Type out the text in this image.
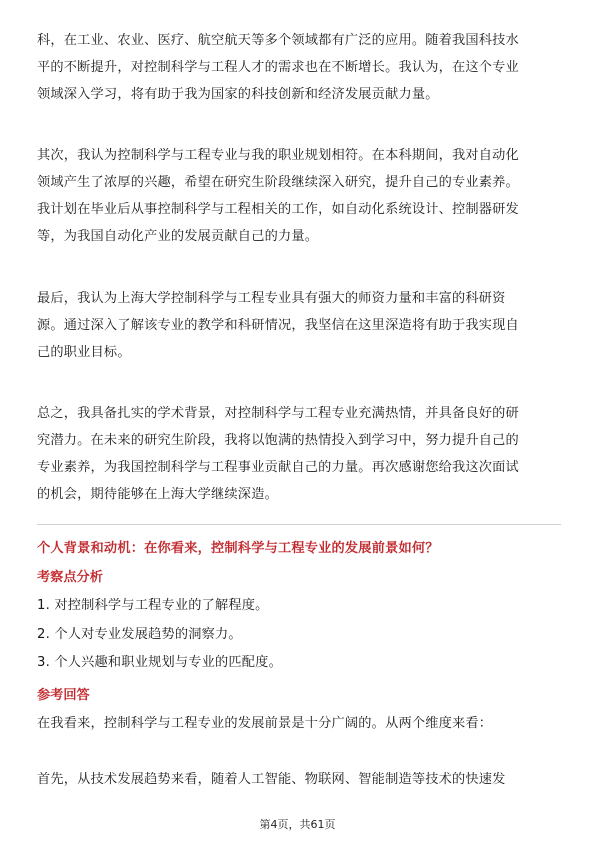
科，在工业、农业、医疗、航空航天等多个领域都有广泛的应用。随着我国科技水
平的不断提升，对控制科学与工程人才的需求也在不断增长。我认为，在这个专业
领域深入学习，将有助于我为国家的科技创新和经济发展贡献力量。
其次，我认为控制科学与工程专业与我的职业规划相符。在本科期间，我对自动化
领域产生了浓厚的兴趣，希望在研究生阶段继续深入研究，提升自己的专业素养。
我计划在毕业后从事控制科学与工程相关的工作，如自动化系统设计、控制器研发
等，为我国自动化产业的发展贡献自己的力量。
最后，我认为上海大学控制科学与工程专业具有强大的师资力量和丰富的科研资
源。通过深入了解该专业的教学和科研情况，我坚信在这里深造将有助于我实现自
己的职业目标。
总之，我具备扎实的学术背景，对控制科学与工程专业充满热情，并具备良好的研
究潜力。在未来的研究生阶段，我将以饱满的热情投入到学习中，努力提升自己的
专业素养，为我国控制科学与工程事业贡献自己的力量。再次感谢您给我这次面试
的机会，期待能够在上海大学继续深造。
个人背景和动机：在你看来，控制科学与工程专业的发展前景如何？
考察点分析
1. 对控制科学与工程专业的了解程度。
2. 个人对专业发展趋势的洞察力。
3. 个人兴趣和职业规划与专业的匹配度。
参考回答
在我看来，控制科学与工程专业的发展前景是十分广阔的。从两个维度来看：
首先，从技术发展趋势来看，随着人工智能、物联网、智能制造等技术的快速发
第4页，共61页
